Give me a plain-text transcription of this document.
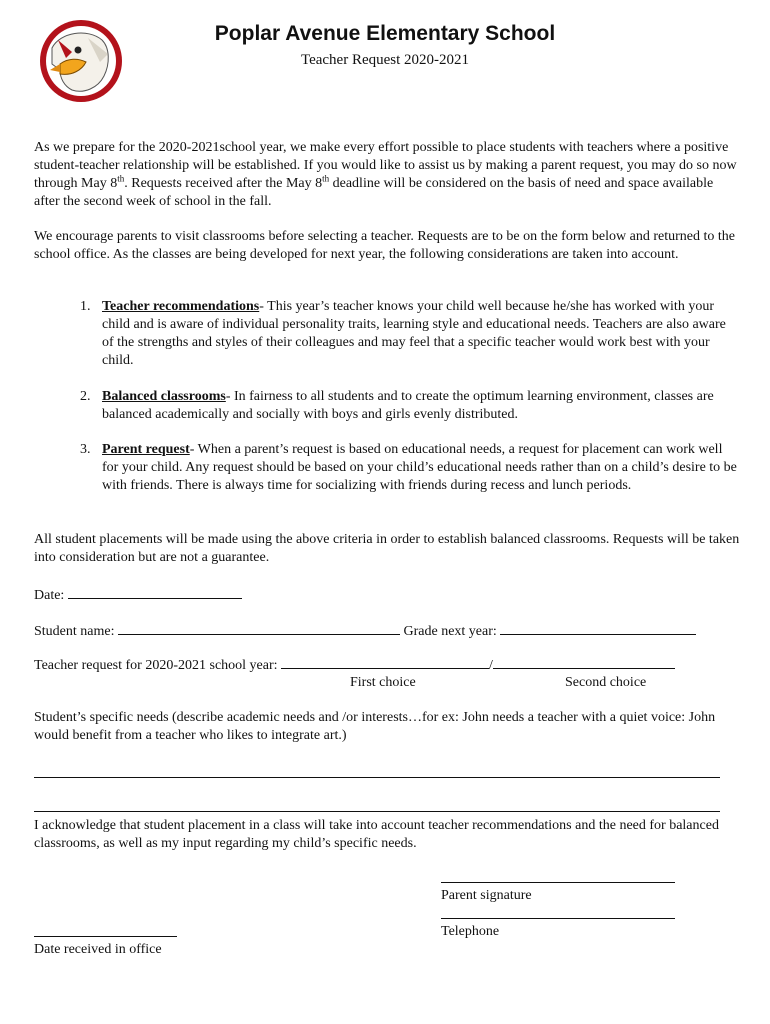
Poplar Avenue Elementary School
Teacher Request 2020-2021
As we prepare for the 2020-2021school year, we make every effort possible to place students with teachers where a positive student-teacher relationship will be established. If you would like to assist us by making a parent request, you may do so now through May 8th. Requests received after the May 8th deadline will be considered on the basis of need and space available after the second week of school in the fall.
We encourage parents to visit classrooms before selecting a teacher. Requests are to be on the form below and returned to the school office. As the classes are being developed for next year, the following considerations are taken into account.
1. Teacher recommendations- This year’s teacher knows your child well because he/she has worked with your child and is aware of individual personality traits, learning style and educational needs. Teachers are also aware of the strengths and styles of their colleagues and may feel that a specific teacher would work best with your child.
2. Balanced classrooms- In fairness to all students and to create the optimum learning environment, classes are balanced academically and socially with boys and girls evenly distributed.
3. Parent request- When a parent’s request is based on educational needs, a request for placement can work well for your child. Any request should be based on your child’s educational needs rather than on a child’s desire to be with friends. There is always time for socializing with friends during recess and lunch periods.
All student placements will be made using the above criteria in order to establish balanced classrooms. Requests will be taken into consideration but are not a guarantee.
Date:
Student name:	Grade next year:
Teacher request for 2020-2021 school year:	/
First choice	Second choice
Student’s specific needs (describe academic needs and /or interests…for ex: John needs a teacher with a quiet voice: John would benefit from a teacher who likes to integrate art.)
I acknowledge that student placement in a class will take into account teacher recommendations and the need for balanced classrooms, as well as my input regarding my child’s specific needs.
Parent signature
Telephone
Date received in office
